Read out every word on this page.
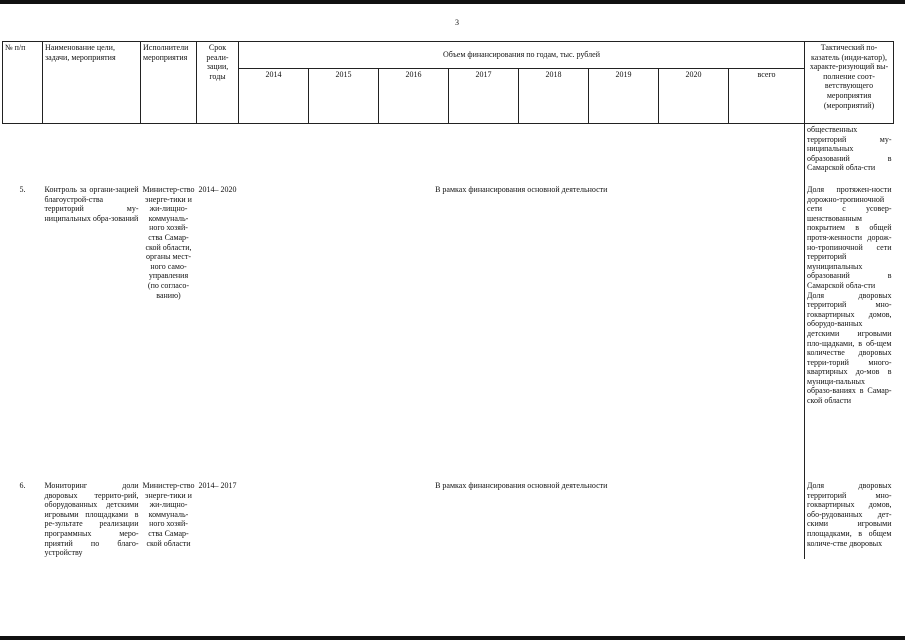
3
№ п/п	Наименование цели, задачи, мероприятия	Исполнители мероприятия	Срок реали-зации, годы	Объем финансирования по годам, тыс. рублей								Тактический по-казатель (инди-катор), характе-ризующий вы-полнение соот-ветствующего мероприятия (мероприятий)
				2014	2015	2016	2017	2018	2019	2020	всего	
												общественных территорий му-ниципальных образований в Самарской обла-сти
5.	Контроль за органи-зацией благоустрой-ства территорий му-ниципальных обра-зований	Министер-ство энерге-тики и жи-лищно-коммуналь-ного хозяй-ства Самар-ской области, органы мест-ного само-управления (по согласо-ванию)	2014– 2020	В рамках финансирования основной деятельности								Доля протяжен-ности дорожно-тропиночной сети с усовер-шенствованным покрытием в общей протя-женности дорож-но-тропиночной сети территорий муниципальных образований в Самарской обла-сти
Доля дворовых территорий мно-гоквартирных домов, оборудо-ванных детскими игровыми пло-щадками, в об-щем количестве дворовых терри-торий много-квартирных до-мов в муници-пальных образо-ваниях в Самар-ской области

6.	Мониторинг доли дворовых террито-рий, оборудованных детскими игровыми площадками в ре-зультате реализации программных меро-приятий по благо-устройству	Министер-ство энерге-тики и жи-лищно-коммуналь-ного хозяй-ства Самар-ской области	2014– 2017	В рамках финансирования основной деятельности								Доля дворовых территорий мно-гоквартирных домов, обо-рудованных дет-скими игровыми площадками, в общем количе-стве дворовых
